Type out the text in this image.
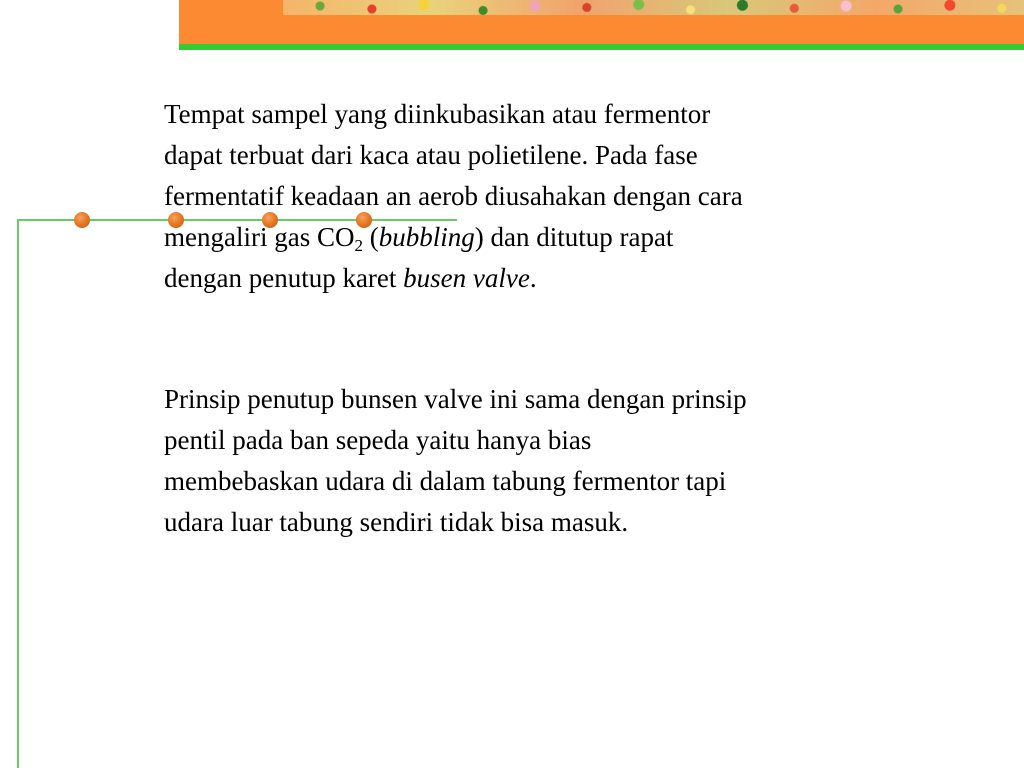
Tempat sampel yang diinkubasikan atau fermentor
dapat terbuat dari kaca atau polietilene. Pada fase
fermentatif keadaan an aerob diusahakan dengan cara
mengaliri gas $CO_2$ (bubbling) dan ditutup rapat
dengan penutup karet busen valve.

Prinsip penutup bunsen valve ini sama dengan prinsip
pentil pada ban sepeda yaitu hanya bias
membebaskan udara di dalam tabung fermentor tapi
udara luar tabung sendiri tidak bisa masuk.
